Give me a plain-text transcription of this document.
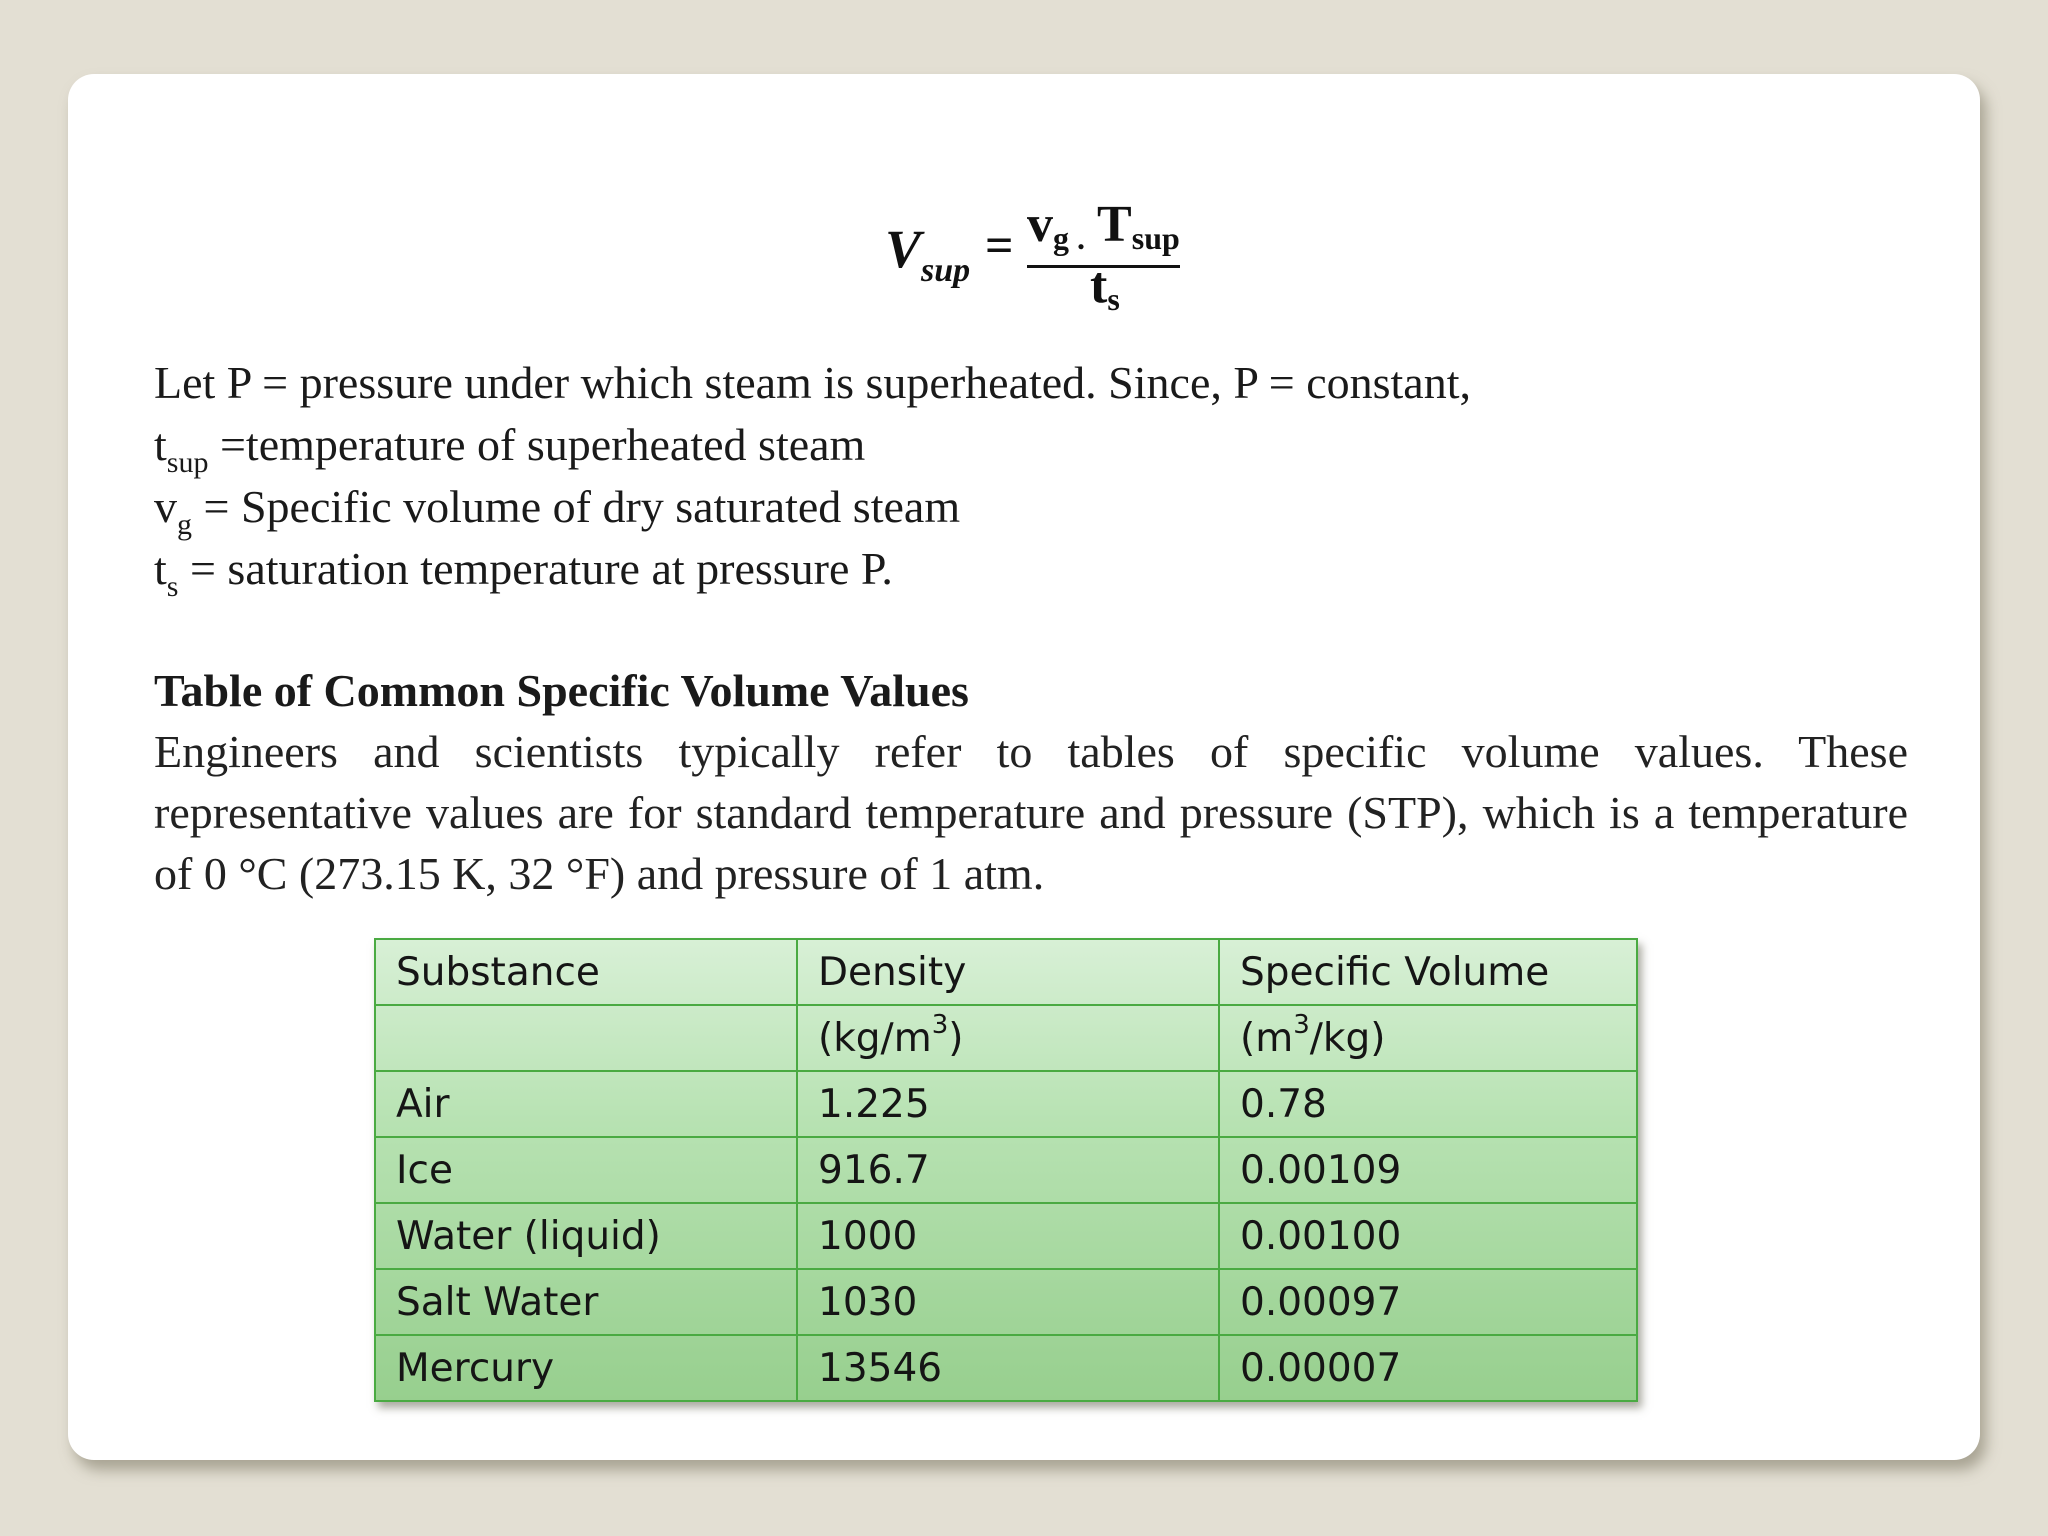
$V_{sup} = v_{g .}$ $T_{sup}$
$t_s$
Let P = pressure under which steam is superheated. Since, P = constant,
$t_{sup}$ =temperature of superheated steam
$v_g$ = Specific volume of dry saturated steam
$t_s$ = saturation temperature at pressure P.
Table of Common Specific Volume Values
Engineers and scientists typically refer to tables of specific volume values. These representative values are for standard temperature and pressure (STP), which is a temperature of 0 °C (273.15 K, 32 °F) and pressure of 1 atm.
Substance	Density	Specific Volume
	$(kg/m^3)$	$(m^3/kg)$
Air	1.225	0.78
Ice	916.7	0.00109
Water (liquid)	1000	0.00100
Salt Water	1030	0.00097
Mercury	13546	0.00007
